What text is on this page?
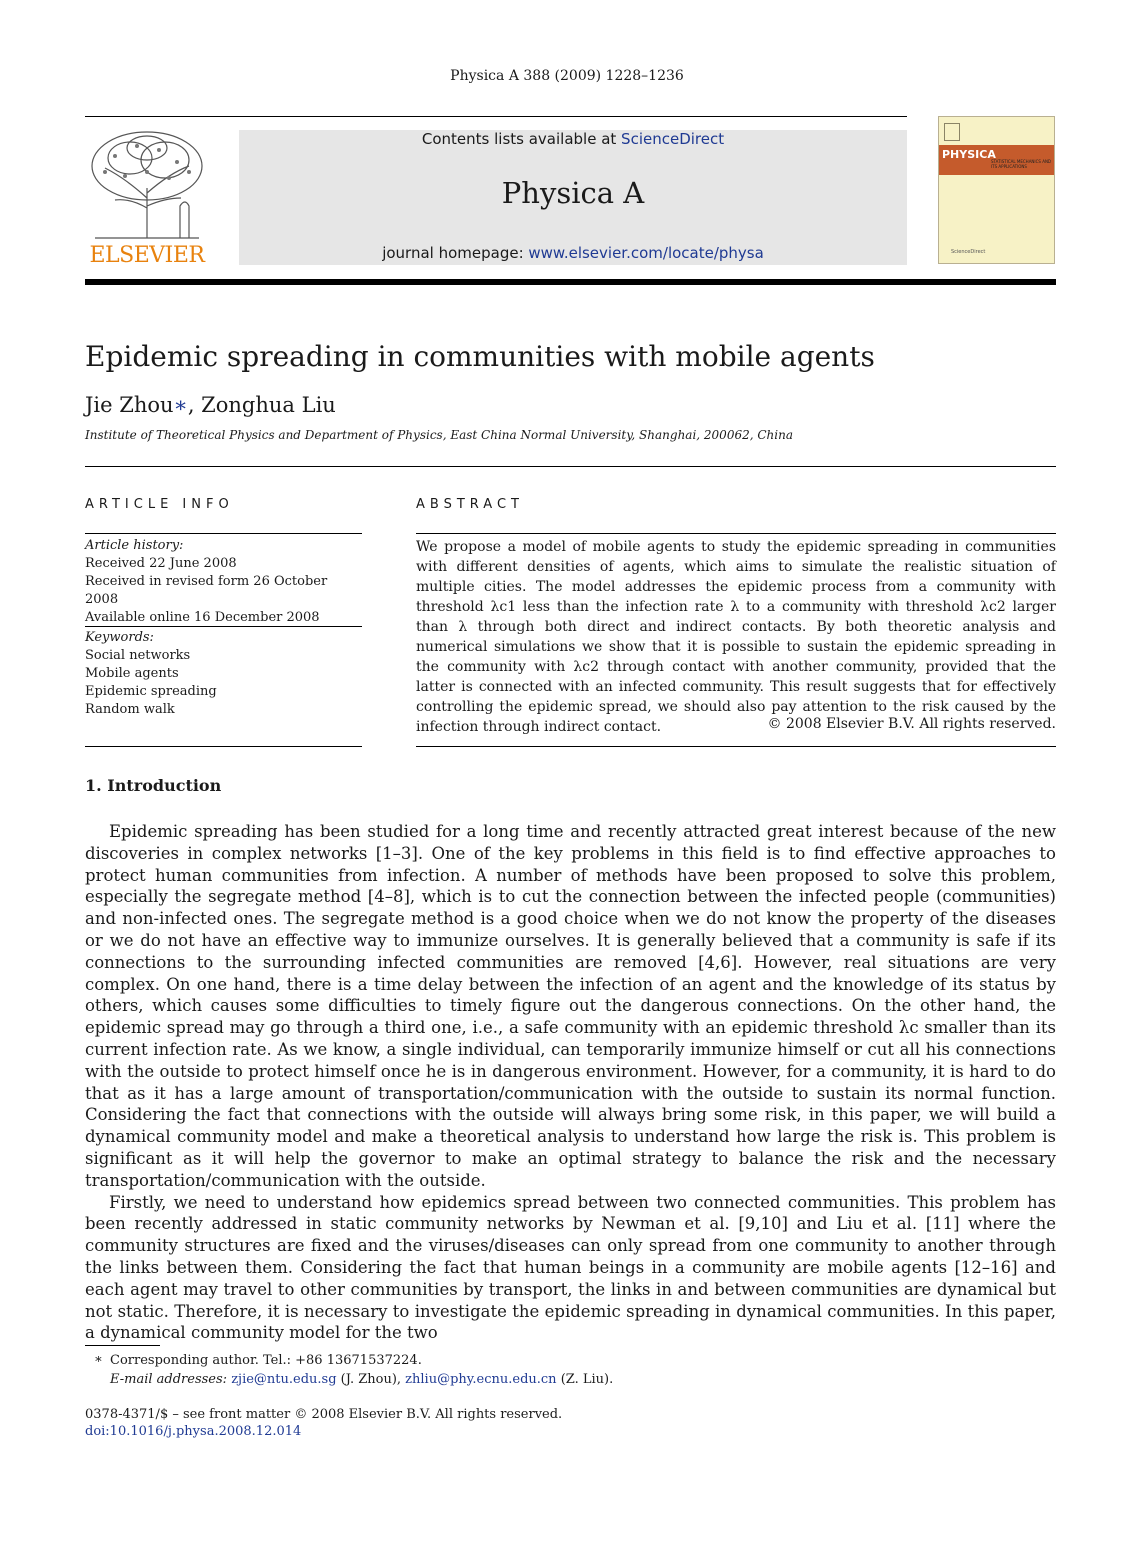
Physica A 388 (2009) 1228–1236
ELSEVIER
Contents lists available at ScienceDirect
Physica A
journal homepage: www.elsevier.com/locate/physa
PHYSICA
STATISTICAL MECHANICS AND ITS APPLICATIONS
ScienceDirect
Epidemic spreading in communities with mobile agents
Jie Zhou∗, Zonghua Liu
Institute of Theoretical Physics and Department of Physics, East China Normal University, Shanghai, 200062, China
ARTICLE INFO
Article history:
Received 22 June 2008
Received in revised form 26 October 2008
Available online 16 December 2008
Keywords:
Social networks
Mobile agents
Epidemic spreading
Random walk
ABSTRACT
We propose a model of mobile agents to study the epidemic spreading in communities with different densities of agents, which aims to simulate the realistic situation of multiple cities. The model addresses the epidemic process from a community with threshold λc1 less than the infection rate λ to a community with threshold λc2 larger than λ through both direct and indirect contacts. By both theoretic analysis and numerical simulations we show that it is possible to sustain the epidemic spreading in the community with λc2 through contact with another community, provided that the latter is connected with an infected community. This result suggests that for effectively controlling the epidemic spread, we should also pay attention to the risk caused by the infection through indirect contact.	© 2008 Elsevier B.V. All rights reserved.
1. Introduction

Epidemic spreading has been studied for a long time and recently attracted great interest because of the new discoveries in complex networks [1–3]. One of the key problems in this field is to find effective approaches to protect human communities from infection. A number of methods have been proposed to solve this problem, especially the segregate method [4–8], which is to cut the connection between the infected people (communities) and non-infected ones. The segregate method is a good choice when we do not know the property of the diseases or we do not have an effective way to immunize ourselves. It is generally believed that a community is safe if its connections to the surrounding infected communities are removed [4,6]. However, real situations are very complex. On one hand, there is a time delay between the infection of an agent and the knowledge of its status by others, which causes some difficulties to timely figure out the dangerous connections. On the other hand, the epidemic spread may go through a third one, i.e., a safe community with an epidemic threshold λc smaller than its current infection rate. As we know, a single individual, can temporarily immunize himself or cut all his connections with the outside to protect himself once he is in dangerous environment. However, for a community, it is hard to do that as it has a large amount of transportation/communication with the outside to sustain its normal function. Considering the fact that connections with the outside will always bring some risk, in this paper, we will build a dynamical community model and make a theoretical analysis to understand how large the risk is. This problem is significant as it will help the governor to make an optimal strategy to balance the risk and the necessary transportation/communication with the outside.

Firstly, we need to understand how epidemics spread between two connected communities. This problem has been recently addressed in static community networks by Newman et al. [9,10] and Liu et al. [11] where the community structures are fixed and the viruses/diseases can only spread from one community to another through the links between them. Considering the fact that human beings in a community are mobile agents [12–16] and each agent may travel to other communities by transport, the links in and between communities are dynamical but not static. Therefore, it is necessary to investigate the epidemic spreading in dynamical communities. In this paper, a dynamical community model for the two

∗ Corresponding author. Tel.: +86 13671537224.
E-mail addresses: zjie@ntu.edu.sg (J. Zhou), zhliu@phy.ecnu.edu.cn (Z. Liu).
0378-4371/$ – see front matter © 2008 Elsevier B.V. All rights reserved.
doi:10.1016/j.physa.2008.12.014
